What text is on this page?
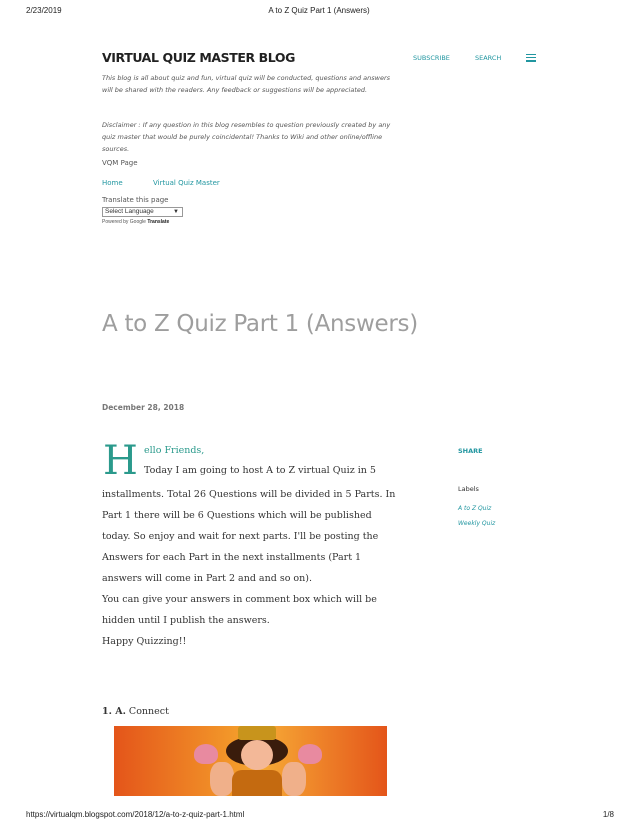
2/23/2019	A to Z Quiz Part 1 (Answers)
VIRTUAL QUIZ MASTER BLOG	SUBSCRIBE	SEARCH
This blog is all about quiz and fun, virtual quiz will be conducted, questions and answers will be shared with the readers. Any feedback or suggestions will be appreciated.
Disclaimer : If any question in this blog resembles to question previously created by any quiz master that would be purely coincidental! Thanks to Wiki and other online/offline sources.
VQM Page
Home	Virtual Quiz Master
Translate this page
Select Language	▼
Powered by Google Translate
A to Z Quiz Part 1 (Answers)
December 28, 2018
H ello Friends,
Today I am going to host A to Z virtual Quiz in 5

installments. Total 26 Questions will be divided in 5 Parts. In

Part 1 there will be 6 Questions which will be published

today. So enjoy and wait for next parts. I'll be posting the

Answers for each Part in the next installments (Part 1

answers will come in Part 2 and and so on).

You can give your answers in comment box which will be

hidden until I publish the answers.

Happy Quizzing!!

SHARE
Labels
A to Z Quiz
Weekly Quiz
1. A. Connect
https://virtualqm.blogspot.com/2018/12/a-to-z-quiz-part-1.html	1/8
